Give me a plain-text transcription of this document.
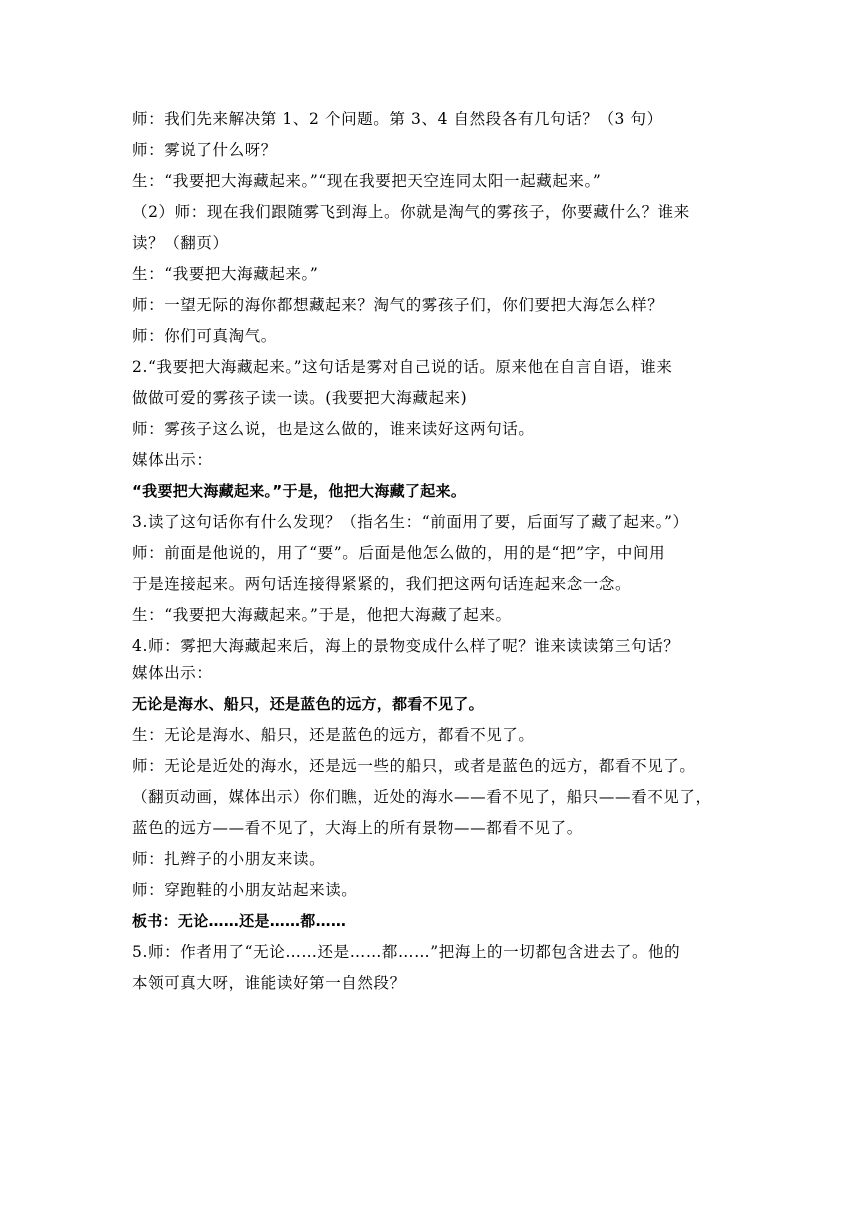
师：我们先来解决第 1、2 个问题。第 3、4 自然段各有几句话？（3 句）
师：雾说了什么呀？
生：“我要把大海藏起来。”“现在我要把天空连同太阳一起藏起来。”
（2）师：现在我们跟随雾飞到海上。你就是淘气的雾孩子，你要藏什么？谁来
读？（翻页）
生：“我要把大海藏起来。”
师：一望无际的海你都想藏起来？淘气的雾孩子们，你们要把大海怎么样？
师：你们可真淘气。
2.“我要把大海藏起来。”这句话是雾对自己说的话。原来他在自言自语，谁来
做做可爱的雾孩子读一读。(我要把大海藏起来)
师：雾孩子这么说，也是这么做的，谁来读好这两句话。
媒体出示：
“我要把大海藏起来。”于是，他把大海藏了起来。
3.读了这句话你有什么发现？（指名生：“前面用了要，后面写了藏了起来。”）
师：前面是他说的，用了“要”。后面是他怎么做的，用的是“把”字，中间用
于是连接起来。两句话连接得紧紧的，我们把这两句话连起来念一念。
生：“我要把大海藏起来。”于是，他把大海藏了起来。
4.师：雾把大海藏起来后，海上的景物变成什么样了呢？谁来读读第三句话？
媒体出示：
无论是海水、船只，还是蓝色的远方，都看不见了。
生：无论是海水、船只，还是蓝色的远方，都看不见了。
师：无论是近处的海水，还是远一些的船只，或者是蓝色的远方，都看不见了。
（翻页动画，媒体出示）你们瞧，近处的海水——看不见了，船只——看不见了，
蓝色的远方——看不见了，大海上的所有景物——都看不见了。
师：扎辫子的小朋友来读。
师：穿跑鞋的小朋友站起来读。
板书：无论……还是……都……
5.师：作者用了“无论……还是……都……”把海上的一切都包含进去了。他的
本领可真大呀，谁能读好第一自然段？
